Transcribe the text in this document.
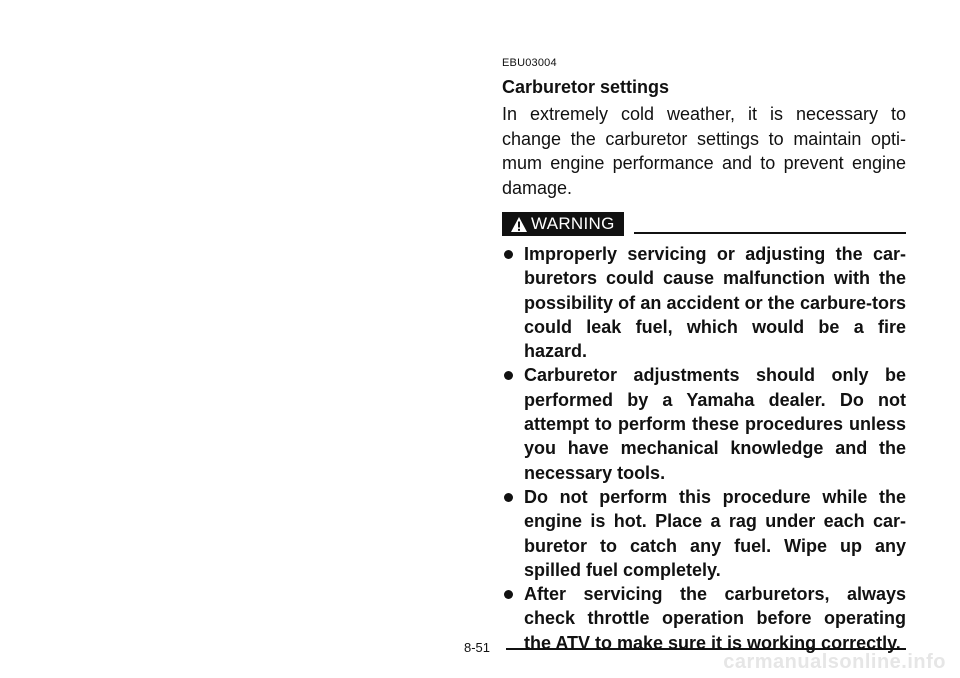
EBU03004
Carburetor settings

In extremely cold weather, it is necessary to change the carburetor settings to maintain opti-mum engine performance and to prevent engine damage.

WARNING
Improperly servicing or adjusting the car-buretors could cause malfunction with the possibility of an accident or the carbure-tors could leak fuel, which would be a fire hazard.
Carburetor adjustments should only be performed by a Yamaha dealer. Do not attempt to perform these procedures unless you have mechanical knowledge and the necessary tools.
Do not perform this procedure while the engine is hot. Place a rag under each car-buretor to catch any fuel. Wipe up any spilled fuel completely.
After servicing the carburetors, always check throttle operation before operating the ATV to make sure it is working correctly.
8-51
carmanualsonline.info
